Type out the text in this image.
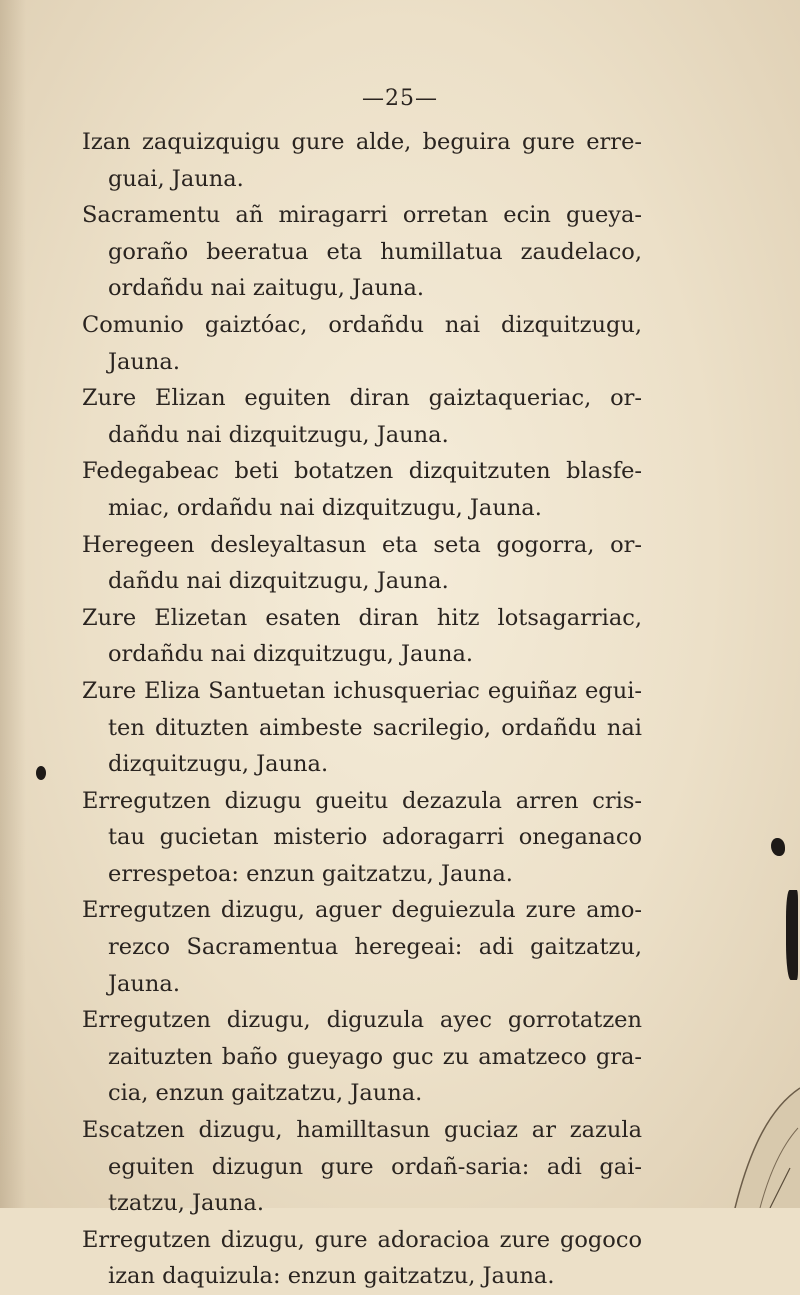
—25—
Izan zaquizquigu gure alde, beguira gure erre-
guai, Jauna.
Sacramentu añ miragarri orretan ecin gueya-
goraño beeratua eta humillatua zaudelaco,
ordañdu nai zaitugu, Jauna.
Comunio gaiztóac, ordañdu nai dizquitzugu,
Jauna.
Zure Elizan eguiten diran gaiztaqueriac, or-
dañdu nai dizquitzugu, Jauna.
Fedegabeac beti botatzen dizquitzuten blasfe-
miac, ordañdu nai dizquitzugu, Jauna.
Heregeen desleyaltasun eta seta gogorra, or-
dañdu nai dizquitzugu, Jauna.
Zure Elizetan esaten diran hitz lotsagarriac,
ordañdu nai dizquitzugu, Jauna.
Zure Eliza Santuetan ichusqueriac eguiñaz egui-
ten dituzten aimbeste sacrilegio, ordañdu nai
dizquitzugu, Jauna.
Erregutzen dizugu gueitu dezazula arren cris-
tau gucietan misterio adoragarri oneganaco
errespetoa: enzun gaitzatzu, Jauna.
Erregutzen dizugu, aguer deguiezula zure amo-
rezco Sacramentua heregeai: adi gaitzatzu,
Jauna.
Erregutzen dizugu, diguzula ayec gorrotatzen
zaituzten baño gueyago guc zu amatzeco gra-
cia, enzun gaitzatzu, Jauna.
Escatzen dizugu, hamilltasun guciaz ar zazula
eguiten dizugun gure ordañ-saria: adi gai-
tzatzu, Jauna.
Erregutzen dizugu, gure adoracioa zure gogoco
izan daquizula: enzun gaitzatzu, Jauna.
